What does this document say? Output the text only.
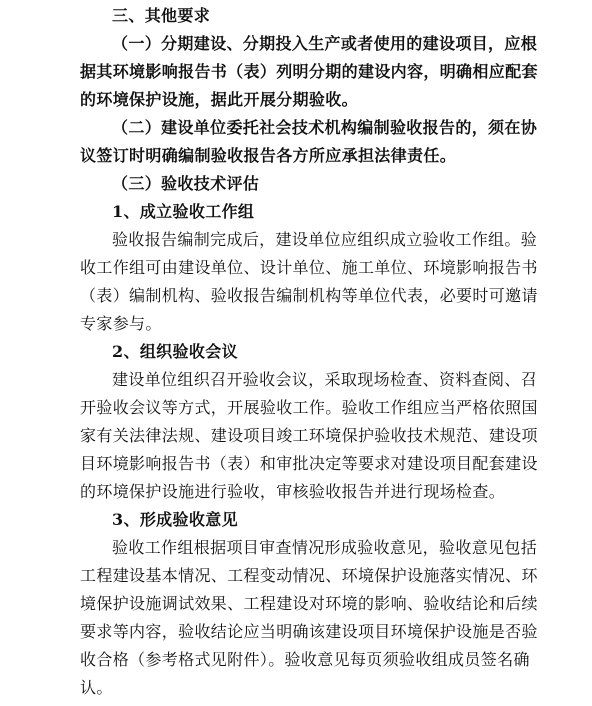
三、其他要求
（一）分期建设、分期投入生产或者使用的建设项目，应根
据其环境影响报告书（表）列明分期的建设内容，明确相应配套
的环境保护设施，据此开展分期验收。
（二）建设单位委托社会技术机构编制验收报告的，须在协
议签订时明确编制验收报告各方所应承担法律责任。
（三）验收技术评估
1、成立验收工作组
验收报告编制完成后，建设单位应组织成立验收工作组。验
收工作组可由建设单位、设计单位、施工单位、环境影响报告书
（表）编制机构、验收报告编制机构等单位代表，必要时可邀请
专家参与。
2、组织验收会议
建设单位组织召开验收会议，采取现场检查、资料查阅、召
开验收会议等方式，开展验收工作。验收工作组应当严格依照国
家有关法律法规、建设项目竣工环境保护验收技术规范、建设项
目环境影响报告书（表）和审批决定等要求对建设项目配套建设
的环境保护设施进行验收，审核验收报告并进行现场检查。
3、形成验收意见
验收工作组根据项目审查情况形成验收意见，验收意见包括
工程建设基本情况、工程变动情况、环境保护设施落实情况、环
境保护设施调试效果、工程建设对环境的影响、验收结论和后续
要求等内容，验收结论应当明确该建设项目环境保护设施是否验
收合格（参考格式见附件）。验收意见每页须验收组成员签名确
认。
